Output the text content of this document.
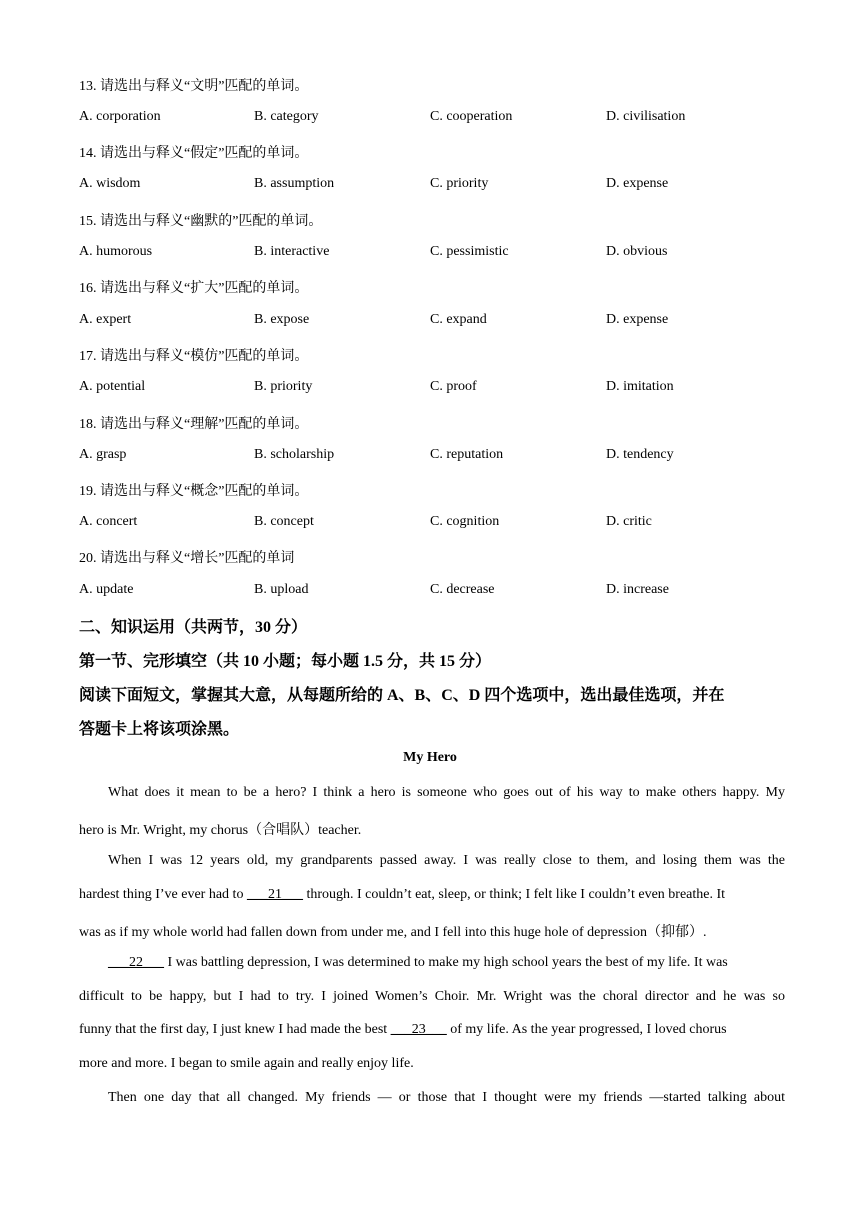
13. 请选出与释义“文明”匹配的单词。
A. corporation	B. category	C. cooperation	D. civilisation
14. 请选出与释义“假定”匹配的单词。
A. wisdom	B. assumption	C. priority	D. expense
15. 请选出与释义“幽默的”匹配的单词。
A. humorous	B. interactive	C. pessimistic	D. obvious
16. 请选出与释义“扩大”匹配的单词。
A. expert	B. expose	C. expand	D. expense
17. 请选出与释义“模仿”匹配的单词。
A. potential	B. priority	C. proof	D. imitation
18. 请选出与释义“理解”匹配的单词。
A. grasp	B. scholarship	C. reputation	D. tendency
19. 请选出与释义“概念”匹配的单词。
A. concert	B. concept	C. cognition	D. critic
20. 请选出与释义“增长”匹配的单词
A. update	B. upload	C. decrease	D. increase
二、知识运用（共两节，30 分）
第一节、完形填空（共 10 小题；每小题 1.5 分，共 15 分）
阅读下面短文，掌握其大意，从每题所给的 A、B、C、D 四个选项中，选出最佳选项，并在
答题卡上将该项涂黑。
My Hero
What does it mean to be a hero? I think a hero is someone who goes out of his way to make others happy. My
hero is Mr. Wright, my chorus（合唱队）teacher.
When I was 12 years old, my grandparents passed away. I was really close to them, and losing them was the
hardest thing I’ve ever had to ___21___ through. I couldn’t eat, sleep, or think; I felt like I couldn’t even breathe. It
was as if my whole world had fallen down from under me, and I fell into this huge hole of depression（抑郁）.
___22___ I was battling depression, I was determined to make my high school years the best of my life. It was
difficult to be happy, but I had to try. I joined Women’s Choir. Mr. Wright was the choral director and he was so
funny that the first day, I just knew I had made the best ___23___ of my life. As the year progressed, I loved chorus
more and more. I began to smile again and really enjoy life.
Then one day that all changed. My friends — or those that I thought were my friends —started talking about
